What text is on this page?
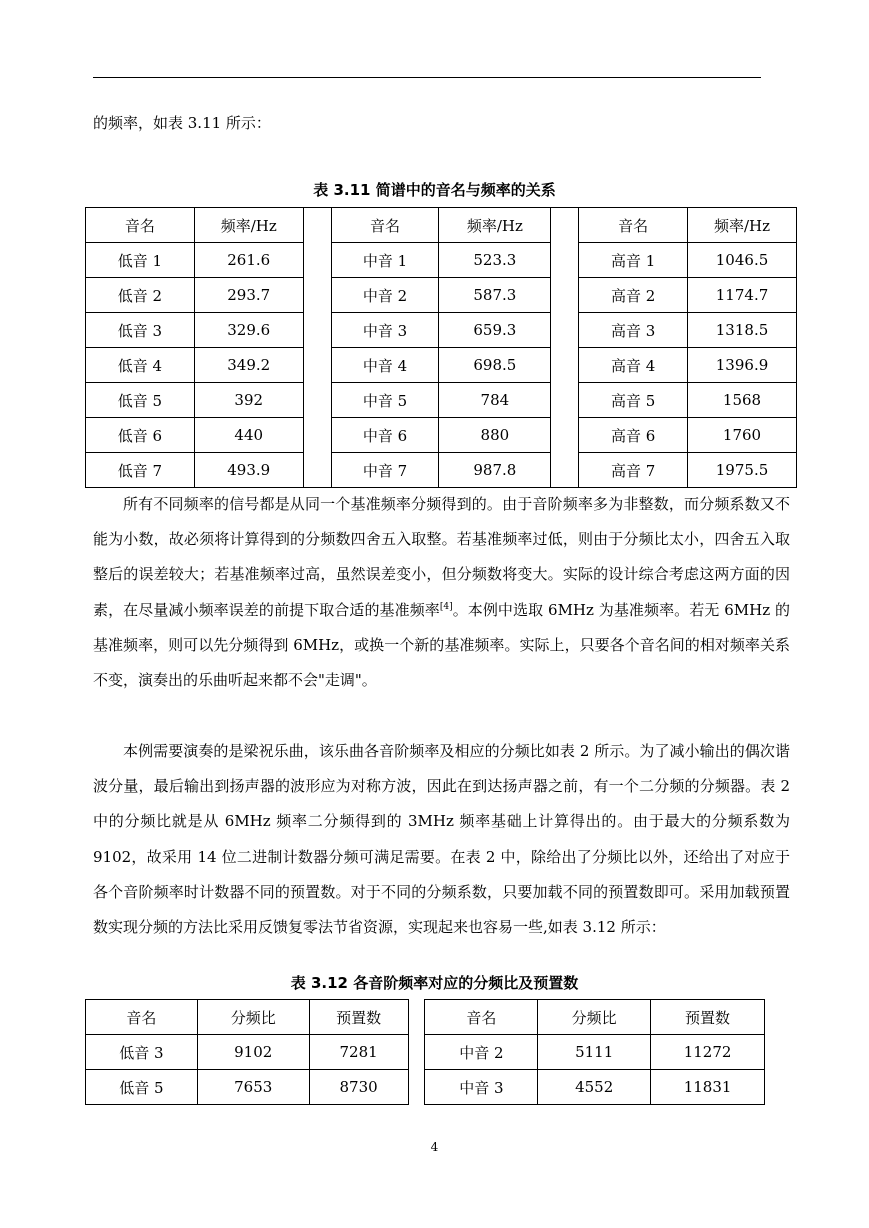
的频率，如表 3.11 所示：
表 3.11 简谱中的音名与频率的关系
音名	频率/Hz		音名	频率/Hz		音名	频率/Hz
低音 1	261.6		中音 1	523.3		高音 1	1046.5
低音 2	293.7		中音 2	587.3		高音 2	1174.7
低音 3	329.6		中音 3	659.3		高音 3	1318.5
低音 4	349.2		中音 4	698.5		高音 4	1396.9
低音 5	392		中音 5	784		高音 5	1568
低音 6	440		中音 6	880		高音 6	1760
低音 7	493.9		中音 7	987.8		高音 7	1975.5

所有不同频率的信号都是从同一个基准频率分频得到的。由于音阶频率多为非整数，而分频系数又不能为小数，故必须将计算得到的分频数四舍五入取整。若基准频率过低，则由于分频比太小，四舍五入取整后的误差较大；若基准频率过高，虽然误差变小，但分频数将变大。实际的设计综合考虑这两方面的因素，在尽量减小频率误差的前提下取合适的基准频率[4]。本例中选取 6MHz 为基准频率。若无 6MHz 的基准频率，则可以先分频得到 6MHz，或换一个新的基准频率。实际上，只要各个音名间的相对频率关系不变，演奏出的乐曲听起来都不会"走调"。

本例需要演奏的是梁祝乐曲，该乐曲各音阶频率及相应的分频比如表 2 所示。为了减小输出的偶次谐波分量，最后输出到扬声器的波形应为对称方波，因此在到达扬声器之前，有一个二分频的分频器。表 2 中的分频比就是从 6MHz 频率二分频得到的 3MHz 频率基础上计算得出的。由于最大的分频系数为 9102，故采用 14 位二进制计数器分频可满足需要。在表 2 中，除给出了分频比以外，还给出了对应于各个音阶频率时计数器不同的预置数。对于不同的分频系数，只要加载不同的预置数即可。采用加载预置数实现分频的方法比采用反馈复零法节省资源，实现起来也容易一些,如表 3.12 所示：

表 3.12 各音阶频率对应的分频比及预置数
音名	分频比	预置数		音名	分频比	预置数
低音 3	9102	7281		中音 2	5111	11272
低音 5	7653	8730		中音 3	4552	11831
4
